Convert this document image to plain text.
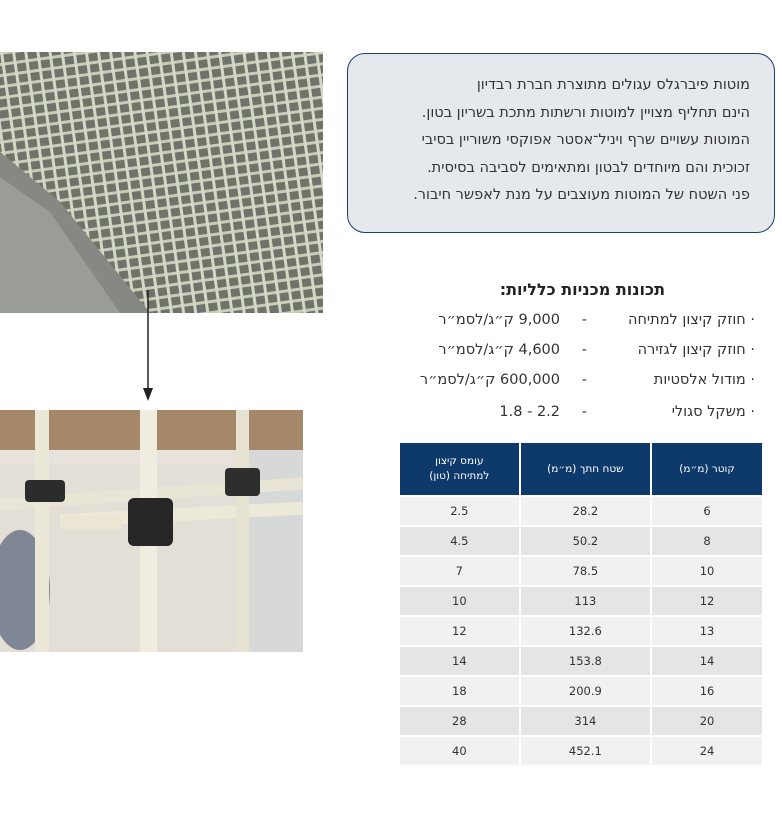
מוטות פיברגלס עגולים מתוצרת חברת רבדיון

הינם תחליף מצויין למוטות ורשתות מתכת בשריון בטון.

המוטות עשויים שרף ויניל־אסטר אפוקסי משוריין בסיבי

זכוכית והם מיוחדים לבטון ומתאימים לסביבה בסיסית.

פני השטח של המוטות מעוצבים על מנת לאפשר חיבור.

תכונות מכניות כלליות:
· חוזק קיצון למתיחה
-
9,000 ק״ג/לסמ״ר
· חוזק קיצון לגזירה
-
4,600 ק״ג/לסמ״ר
· מודול אלסטיות
-
600,000 ק״ג/לסמ״ר
· משקל סגולי
-
2.2 - 1.8
קוטר (מ״מ)	שטח חתך (מ״מ)	עומס קיצון
למתיחה (טון)
6	28.2	2.5
8	50.2	4.5
10	78.5	7
12	113	10
13	132.6	12
14	153.8	14
16	200.9	18
20	314	28
24	452.1	40
